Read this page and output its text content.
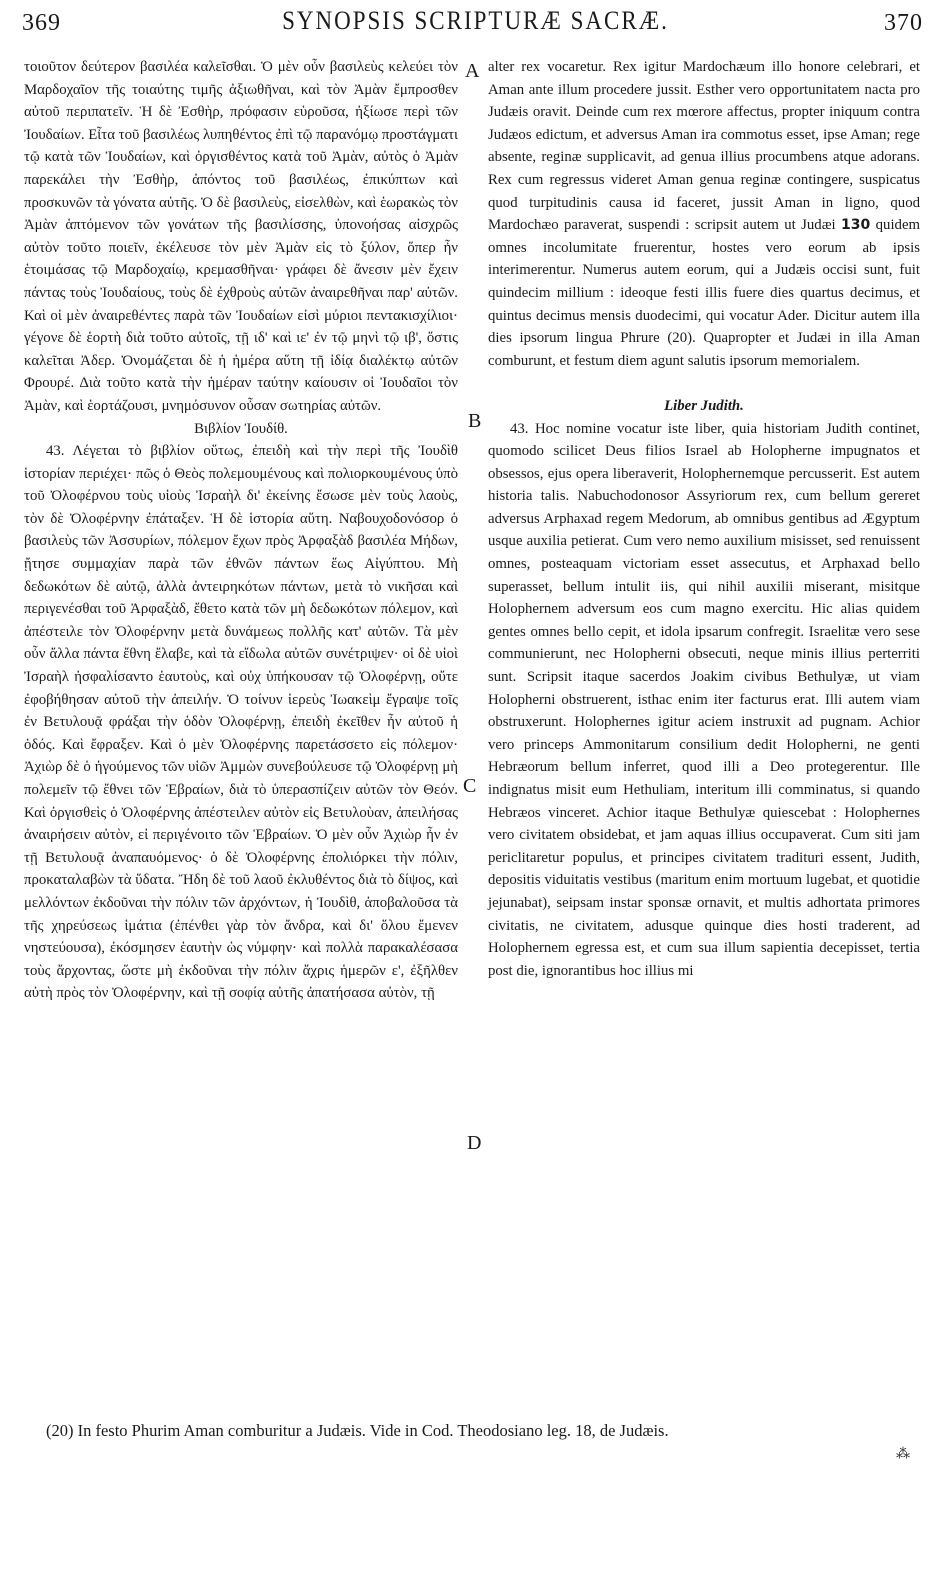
369	SYNOPSIS SCRIPTURÆ SACRÆ.	370

τοιοῦτον δεύτερον βασιλέα καλεῖσθαι. Ὁ μὲν οὖν βασιλεὺς κελεύει τὸν Μαρδοχαῖον τῆς τοιαύτης τιμῆς ἀξιωθῆναι, καὶ τὸν Ἀμὰν ἔμπροσθεν αὐτοῦ περιπατεῖν. Ἡ δὲ Ἐσθὴρ, πρόφασιν εὑροῦσα, ἠξίωσε περὶ τῶν Ἰουδαίων. Εἶτα τοῦ βασιλέως λυπηθέντος ἐπὶ τῷ παρανόμῳ προστάγματι τῷ κατὰ τῶν Ἰουδαίων, καὶ ὀργισθέντος κατὰ τοῦ Ἀμὰν, αὐτὸς ὁ Ἀμὰν παρεκάλει τὴν Ἐσθὴρ, ἀπόντος τοῦ βασιλέως, ἐπικύπτων καὶ προσκυνῶν τὰ γόνατα αὐτῆς. Ὁ δὲ βασιλεὺς, εἰσελθὼν, καὶ ἑωρακὼς τὸν Ἀμὰν ἁπτόμενον τῶν γονάτων τῆς βασιλίσσης, ὑπονοήσας αἰσχρῶς αὐτὸν τοῦτο ποιεῖν, ἐκέλευσε τὸν μὲν Ἀμὰν εἰς τὸ ξύλον, ὅπερ ἦν ἑτοιμάσας τῷ Μαρδοχαίῳ, κρεμασθῆναι· γράφει δὲ ἄνεσιν μὲν ἔχειν πάντας τοὺς Ἰουδαίους, τοὺς δὲ ἐχθροὺς αὐτῶν ἀναιρεθῆναι παρ' αὐτῶν. Καὶ οἱ μὲν ἀναιρεθέντες παρὰ τῶν Ἰουδαίων εἰσὶ μύριοι πεντακισχίλιοι· γέγονε δὲ ἑορτὴ διὰ τοῦτο αὐτοῖς, τῇ ιδ' καὶ ιε' ἐν τῷ μηνὶ τῷ ιβ', ὅστις καλεῖται Ἀδερ. Ὀνομάζεται δὲ ἡ ἡμέρα αὕτη τῇ ἰδίᾳ διαλέκτῳ αὐτῶν Φρουρέ. Διὰ τοῦτο κατὰ τὴν ἡμέραν ταύτην καίουσιν οἱ Ἰουδαῖοι τὸν Ἀμὰν, καὶ ἑορτάζουσι, μνημόσυνον οὖσαν σωτηρίας αὐτῶν.

Βιβλίον Ἰουδίθ.

43. Λέγεται τὸ βιβλίον οὕτως, ἐπειδὴ καὶ τὴν περὶ τῆς Ἰουδὶθ ἱστορίαν περιέχει· πῶς ὁ Θεὸς πολεμουμένους καὶ πολιορκουμένους ὑπὸ τοῦ Ὀλοφέρνου τοὺς υἱοὺς Ἰσραὴλ δι' ἐκείνης ἔσωσε μὲν τοὺς λαοὺς, τὸν δὲ Ὀλοφέρνην ἐπάταξεν. Ἡ δὲ ἱστορία αὕτη. Ναβουχοδονόσορ ὁ βασιλεὺς τῶν Ἀσσυρίων, πόλεμον ἔχων πρὸς Ἀρφαξὰδ βασιλέα Μήδων, ᾔτησε συμμαχίαν παρὰ τῶν ἐθνῶν πάντων ἕως Αἰγύπτου. Μὴ δεδωκότων δὲ αὐτῷ, ἀλλὰ ἀντειρηκότων πάντων, μετὰ τὸ νικῆσαι καὶ περιγενέσθαι τοῦ Ἀρφαξὰδ, ἔθετο κατὰ τῶν μὴ δεδωκότων πόλεμον, καὶ ἀπέστειλε τὸν Ὀλοφέρνην μετὰ δυνάμεως πολλῆς κατ' αὐτῶν. Τὰ μὲν οὖν ἄλλα πάντα ἔθνη ἔλαβε, καὶ τὰ εἴδωλα αὐτῶν συνέτριψεν· οἱ δὲ υἱοὶ Ἰσραὴλ ἠσφαλίσαντο ἑαυτοὺς, καὶ οὐχ ὑπήκουσαν τῷ Ὀλοφέρνῃ, οὔτε ἐφοβήθησαν αὐτοῦ τὴν ἀπειλήν. Ὁ τοίνυν ἱερεὺς Ἰωακεὶμ ἔγραψε τοῖς ἐν Βετυλουᾷ φράξαι τὴν ὁδὸν Ὀλοφέρνῃ, ἐπειδὴ ἐκεῖθεν ἦν αὐτοῦ ἡ ὁδός. Καὶ ἔφραξεν. Καὶ ὁ μὲν Ὀλοφέρνης παρετάσσετο εἰς πόλεμον· Ἀχιὼρ δὲ ὁ ἡγούμενος τῶν υἱῶν Ἀμμὼν συνεβούλευσε τῷ Ὀλοφέρνῃ μὴ πολεμεῖν τῷ ἔθνει τῶν Ἑβραίων, διὰ τὸ ὑπερασπίζειν αὐτῶν τὸν Θεόν. Καὶ ὀργισθεὶς ὁ Ὀλοφέρνης ἀπέστειλεν αὐτὸν εἰς Βετυλοὺαν, ἀπειλήσας ἀναιρήσειν αὐτὸν, εἰ περιγένοιτο τῶν Ἑβραίων. Ὁ μὲν οὖν Ἀχιὼρ ἦν ἐν τῇ Βετυλουᾷ ἀναπαυόμενος· ὁ δὲ Ὀλοφέρνης ἐπολιόρκει τὴν πόλιν, προκαταλαβὼν τὰ ὕδατα. Ἤδη δὲ τοῦ λαοῦ ἐκλυθέντος διὰ τὸ δίψος, καὶ μελλόντων ἐκδοῦναι τὴν πόλιν τῶν ἀρχόντων, ἡ Ἰουδὶθ, ἀποβαλοῦσα τὰ τῆς χηρεύσεως ἱμάτια (ἐπένθει γὰρ τὸν ἄνδρα, καὶ δι' ὅλου ἔμενεν νηστεύουσα), ἐκόσμησεν ἑαυτὴν ὡς νύμφην· καὶ πολλὰ παρακαλέσασα τοὺς ἄρχοντας, ὥστε μὴ ἐκδοῦναι τὴν πόλιν ἄχρις ἡμερῶν ε', ἐξῆλθεν αὐτὴ πρὸς τὸν Ὀλοφέρνην, καὶ τῇ σοφίᾳ αὐτῆς ἀπατήσασα αὐτὸν, τῇ

A
B
C
D

alter rex vocaretur. Rex igitur Mardochæum illo honore celebrari, et Aman ante illum procedere jussit. Esther vero opportunitatem nacta pro Judæis oravit. Deinde cum rex mœrore affectus, propter iniquum contra Judæos edictum, et adversus Aman ira commotus esset, ipse Aman; rege absente, reginæ supplicavit, ad genua illius procumbens atque adorans. Rex cum regressus videret Aman genua reginæ contingere, suspicatus quod turpitudinis causa id faceret, jussit Aman in ligno, quod Mardochæo paraverat, suspendi : scripsit autem ut Judæi 130 quidem omnes incolumitate fruerentur, hostes vero eorum ab ipsis interimerentur. Numerus autem eorum, qui a Judæis occisi sunt, fuit quindecim millium : ideoque festi illis fuere dies quartus decimus, et quintus decimus mensis duodecimi, qui vocatur Ader. Dicitur autem illa dies ipsorum lingua Phrure (20). Quapropter et Judæi in illa Aman comburunt, et festum diem agunt salutis ipsorum memorialem.

Liber Judith.

43. Hoc nomine vocatur iste liber, quia historiam Judith continet, quomodo scilicet Deus filios Israel ab Holopherne impugnatos et obsessos, ejus opera liberaverit, Holophernemque percusserit. Est autem historia talis. Nabuchodonosor Assyriorum rex, cum bellum gereret adversus Arphaxad regem Medorum, ab omnibus gentibus ad Ægyptum usque auxilia petierat. Cum vero nemo auxilium misisset, sed renuissent omnes, posteaquam victoriam esset assecutus, et Arphaxad bello superasset, bellum intulit iis, qui nihil auxilii miserant, misitque Holophernem adversum eos cum magno exercitu. Hic alias quidem gentes omnes bello cepit, et idola ipsarum confregit. Israelitæ vero sese communierunt, nec Holopherni obsecuti, neque minis illius perterriti sunt. Scripsit itaque sacerdos Joakim civibus Bethulyæ, ut viam Holopherni obstruerent, isthac enim iter facturus erat. Illi autem viam obstruxerunt. Holophernes igitur aciem instruxit ad pugnam. Achior vero princeps Ammonitarum consilium dedit Holopherni, ne genti Hebræorum bellum inferret, quod illi a Deo protegerentur. Ille indignatus misit eum Hethuliam, interitum illi comminatus, si quando Hebræos vinceret. Achior itaque Bethulyæ quiescebat : Holophernes vero civitatem obsidebat, et jam aquas illius occupaverat. Cum siti jam periclitaretur populus, et principes civitatem tradituri essent, Judith, depositis viduitatis vestibus (maritum enim mortuum lugebat, et quotidie jejunabat), seipsam instar sponsæ ornavit, et multis adhortata primores civitatis, ne civitatem, adusque quinque dies hosti traderent, ad Holophernem egressa est, et cum sua illum sapientia decepisset, tertia post die, ignorantibus hoc illius mi

(20) In festo Phurim Aman comburitur a Judæis. Vide in Cod. Theodosiano leg. 18, de Judæis.
⁂
